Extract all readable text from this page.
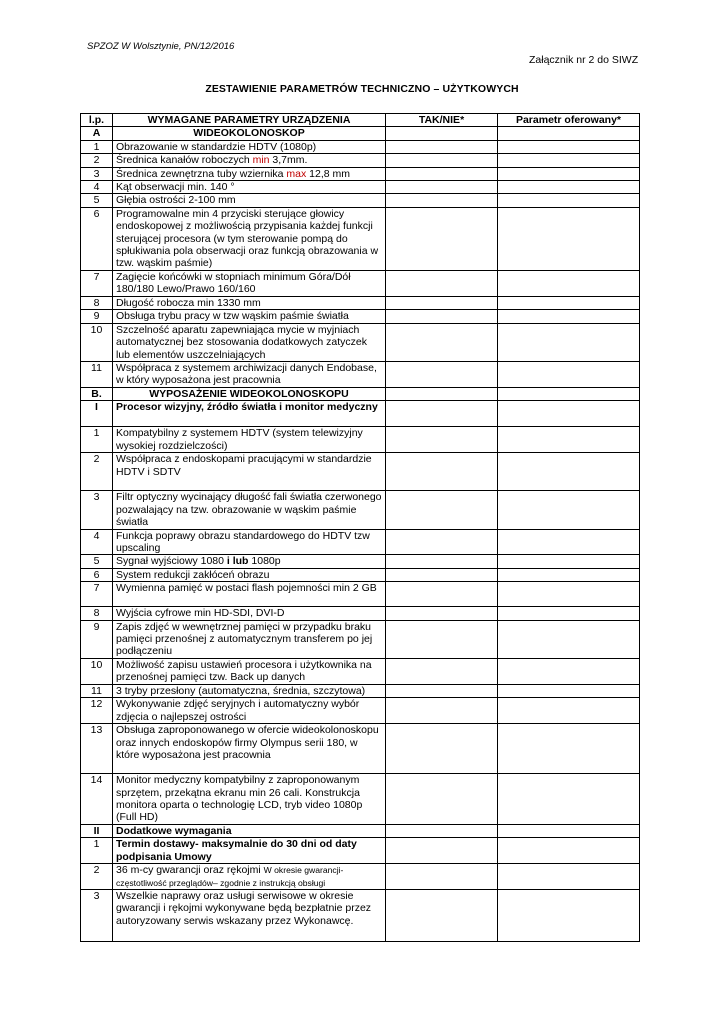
SPZOZ W Wolsztynie, PN/12/2016
Załącznik nr 2 do SIWZ
ZESTAWIENIE PARAMETRÓW TECHNICZNO – UŻYTKOWYCH
l.p.	WYMAGANE PARAMETRY URZĄDZENIA	TAK/NIE*	Parametr oferowany*
A	WIDEOKOLONOSKOP		
1	Obrazowanie w standardzie HDTV (1080p)		
2	Średnica kanałów roboczych min 3,7mm.		
3	Średnica zewnętrzna tuby wziernika max 12,8 mm		
4	Kąt obserwacji min. 140 °		
5	Głębia ostrości 2-100 mm		
6	Programowalne min 4 przyciski sterujące głowicy endoskopowej z możliwością przypisania każdej funkcji sterującej procesora (w tym sterowanie pompą do spłukiwania pola obserwacji oraz funkcją obrazowania w tzw. wąskim paśmie)		
7	Zagięcie końcówki w stopniach minimum Góra/Dół 180/180 Lewo/Prawo 160/160		
8	Długość robocza min 1330 mm		
9	Obsługa trybu pracy w tzw wąskim paśmie światła		
10	Szczelność aparatu zapewniająca mycie w myjniach automatycznej bez stosowania dodatkowych zatyczek lub elementów uszczelniających		
11	Współpraca z systemem archiwizacji danych Endobase, w który wyposażona jest pracownia		
B.	WYPOSAŻENIE WIDEOKOLONOSKOPU		
I	Procesor wizyjny, źródło światła i monitor medyczny		
1	Kompatybilny z systemem HDTV (system telewizyjny wysokiej rozdzielczości)		
2	Współpraca z endoskopami pracującymi w standardzie HDTV i SDTV		
3	Filtr optyczny wycinający długość fali światła czerwonego pozwalający na tzw. obrazowanie w wąskim paśmie światła		
4	Funkcja poprawy obrazu standardowego do HDTV tzw upscaling		
5	Sygnał wyjściowy 1080 i lub 1080p		
6	System redukcji zakłóceń obrazu		
7	Wymienna pamięć w postaci flash pojemności min 2 GB		
8	Wyjścia cyfrowe min HD-SDI, DVI-D		
9	Zapis zdjęć w wewnętrznej pamięci w przypadku braku pamięci przenośnej z automatycznym transferem po jej podłączeniu		
10	Możliwość zapisu ustawień procesora i użytkownika na przenośnej pamięci tzw. Back up danych		
11	3 tryby przesłony (automatyczna, średnia, szczytowa)		
12	Wykonywanie zdjęć seryjnych i automatyczny wybór zdjęcia o najlepszej ostrości		
13	Obsługa zaproponowanego w ofercie wideokolonoskopu oraz innych endoskopów firmy Olympus serii 180, w które wyposażona jest pracownia		
14	Monitor medyczny kompatybilny z zaproponowanym sprzętem, przekątna ekranu min 26 cali. Konstrukcja monitora oparta o technologię LCD, tryb video 1080p (Full HD)		
II	Dodatkowe wymagania		
1	Termin dostawy- maksymalnie do 30 dni od daty podpisania Umowy		
2	36 m-cy gwarancji oraz rękojmi W okresie gwarancji- częstotliwość przeglądów– zgodnie z instrukcją obsługi		
3	Wszelkie naprawy oraz usługi serwisowe w okresie gwarancji i rękojmi wykonywane będą bezpłatnie przez autoryzowany serwis wskazany przez Wykonawcę.		
